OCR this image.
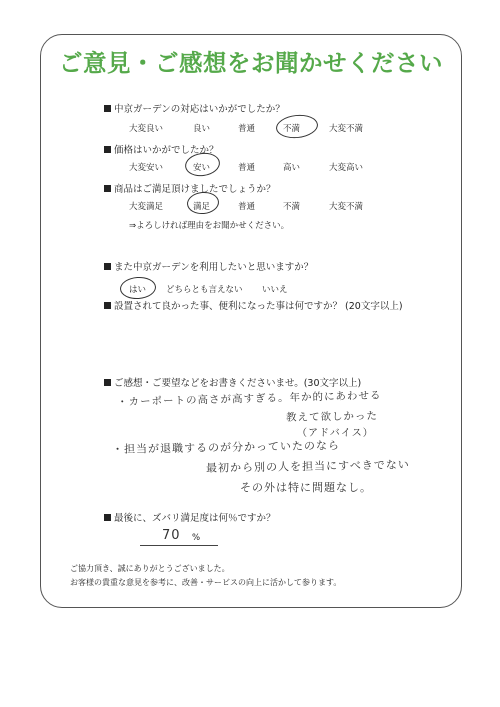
ご意見・ご感想をお聞かせください
中京ガーデンの対応はいかがでしたか？
大変良い	良い	普通	不満	大変不満
価格はいかがでしたか？
大変安い	安い	普通	高い	大変高い
商品はご満足頂けましたでしょうか？
大変満足	満足	普通	不満	大変不満
⇒よろしければ理由をお聞かせください。
また中京ガーデンを利用したいと思いますか？
はい どちらとも言えない いいえ
設置されて良かった事、便利になった事は何ですか？ (20文字以上)
ご感想・ご要望などをお書きくださいませ。(30文字以上)
・カーポートの高さが高すぎる。年か的にあわせる
教えて欲しかった
（アドバイス）
・担当が退職するのが分かっていたのなら
最初から別の人を担当にすべきでない
その外は特に問題なし。
最後に、ズバリ満足度は何％ですか？
70 %
ご協力頂き、誠にありがとうございました。
お客様の貴重な意見を参考に、改善・サービスの向上に活かして参ります。
